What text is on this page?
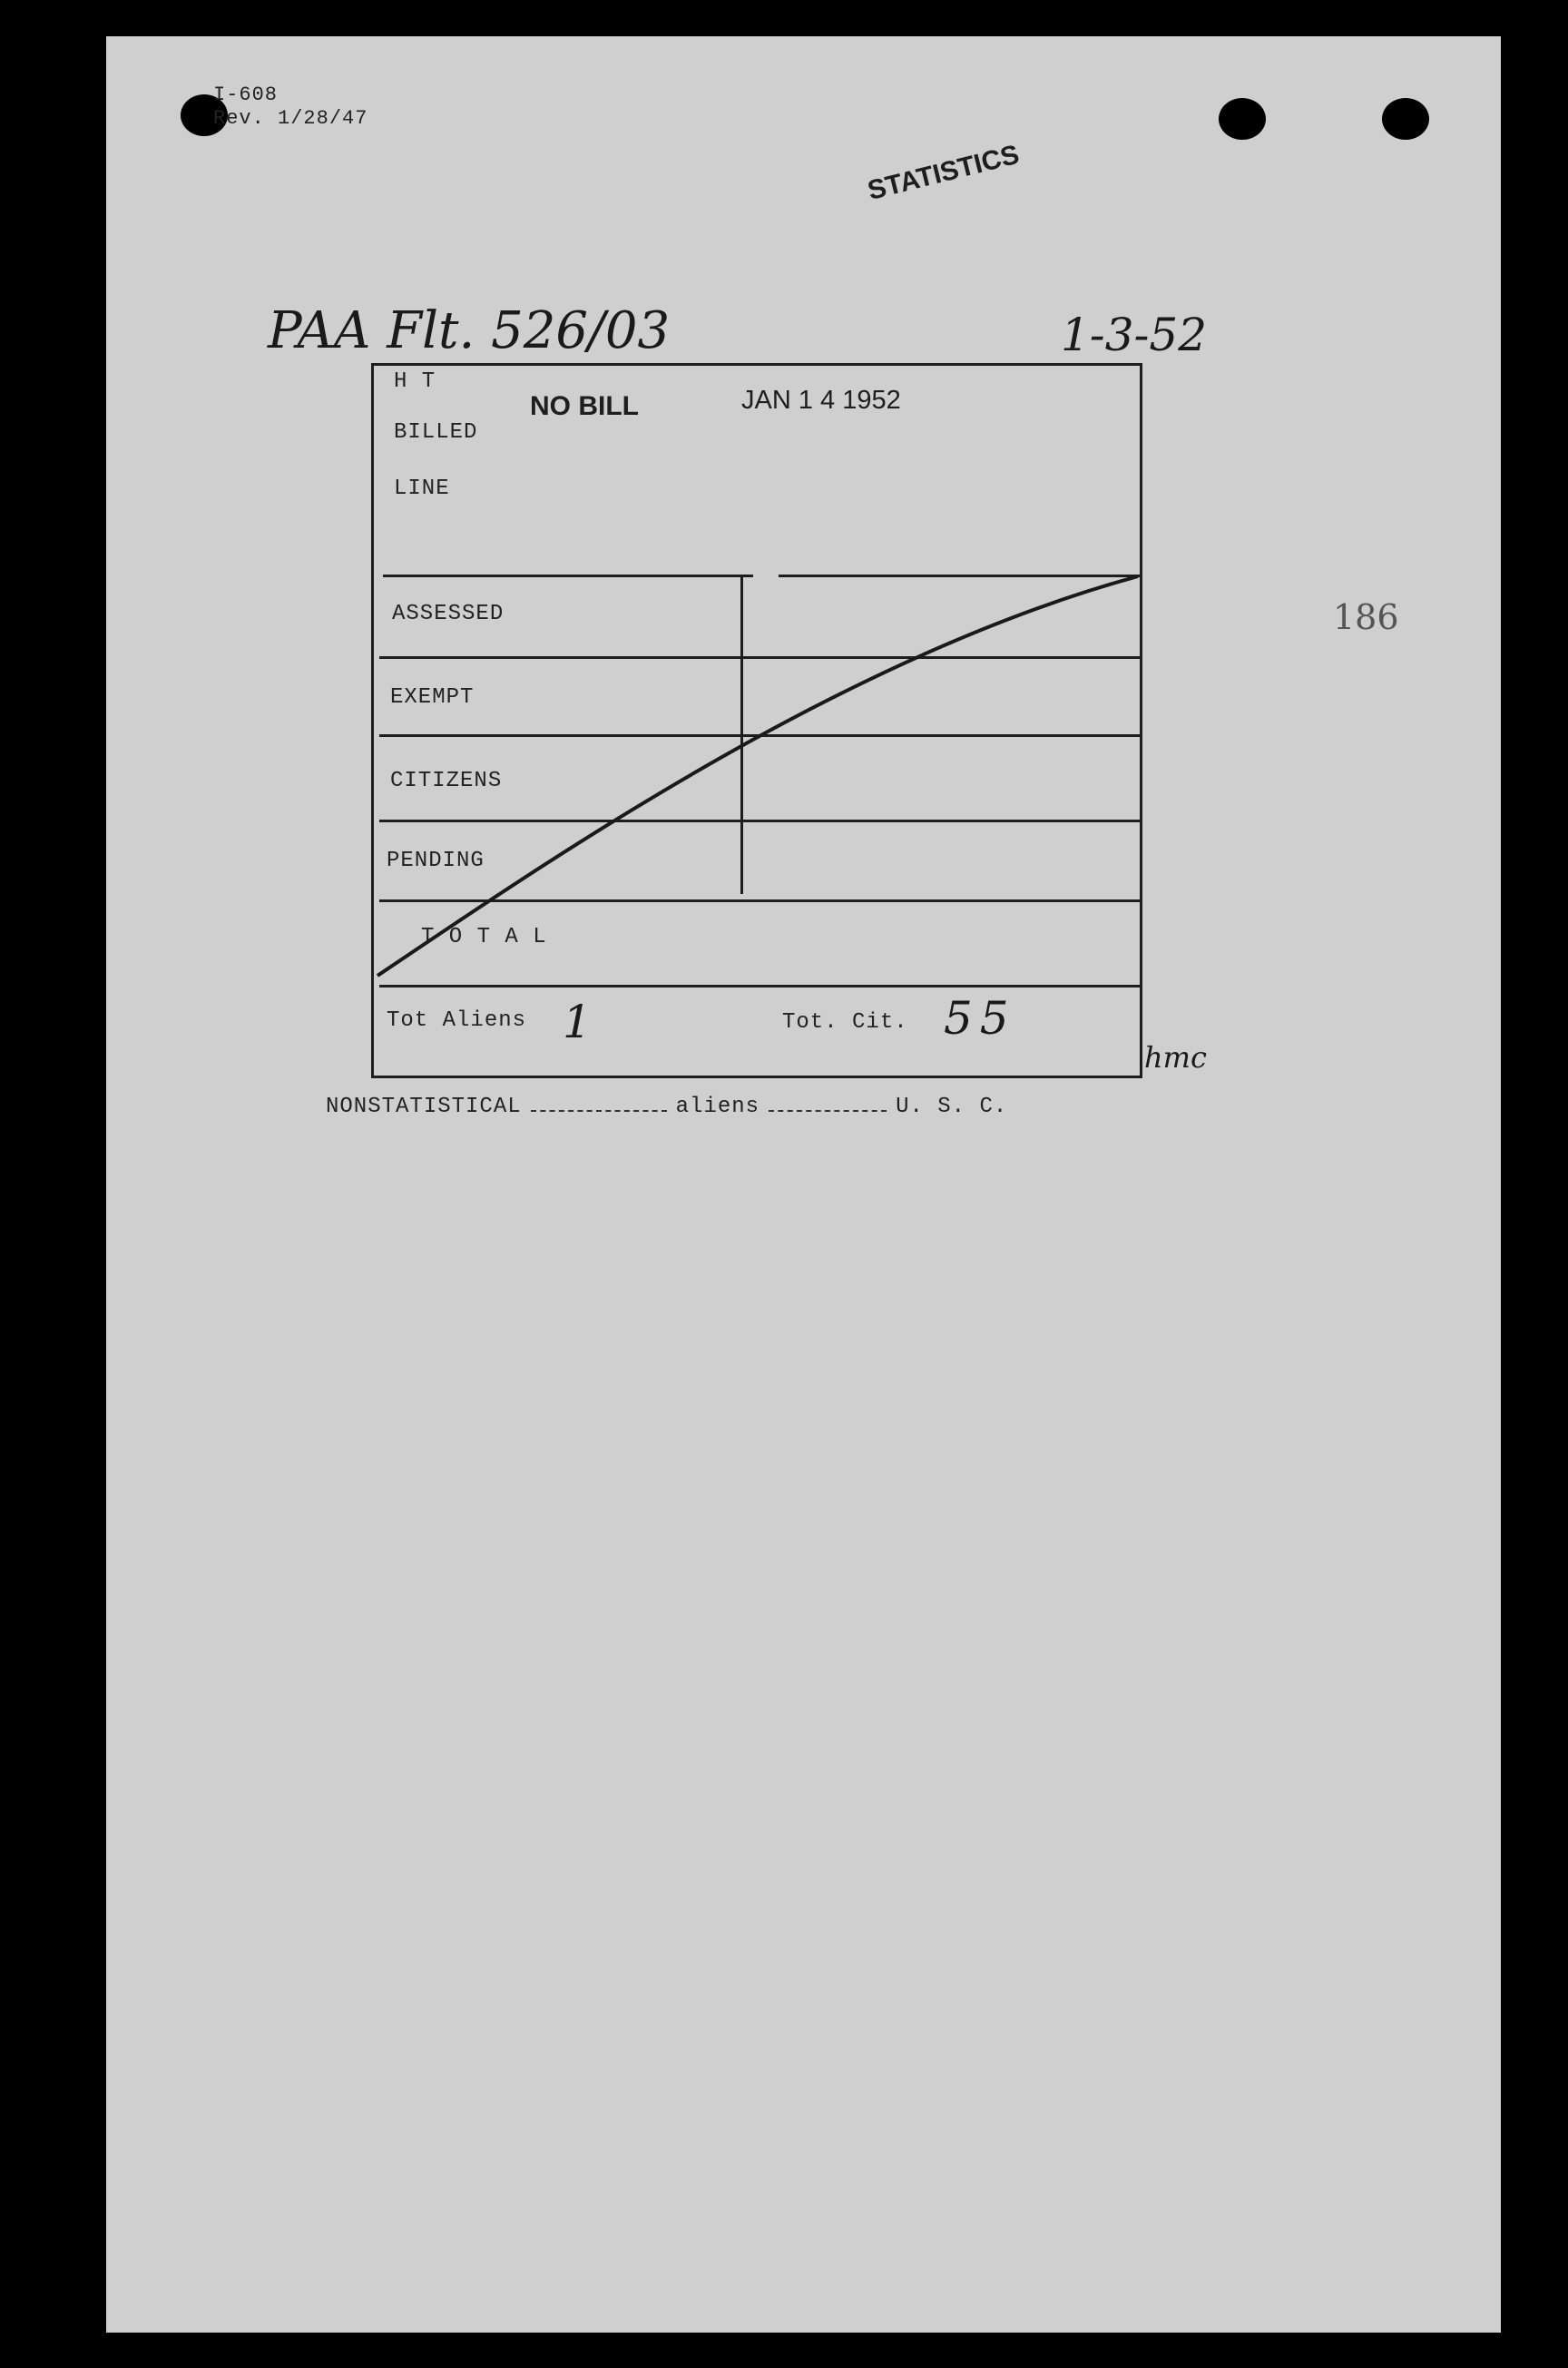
I-608
Rev. 1/28/47
STATISTICS
PAA Flt. 526/03	1-3-52
186
H T
BILLED
LINE
NO BILL	JAN 1 4 1952
ASSESSED
EXEMPT
CITIZENS
PENDING
T O T A L
Tot Aliens 1	Tot. Cit. 55
hmc
NONSTATISTICAL	aliens	U. S. C.
